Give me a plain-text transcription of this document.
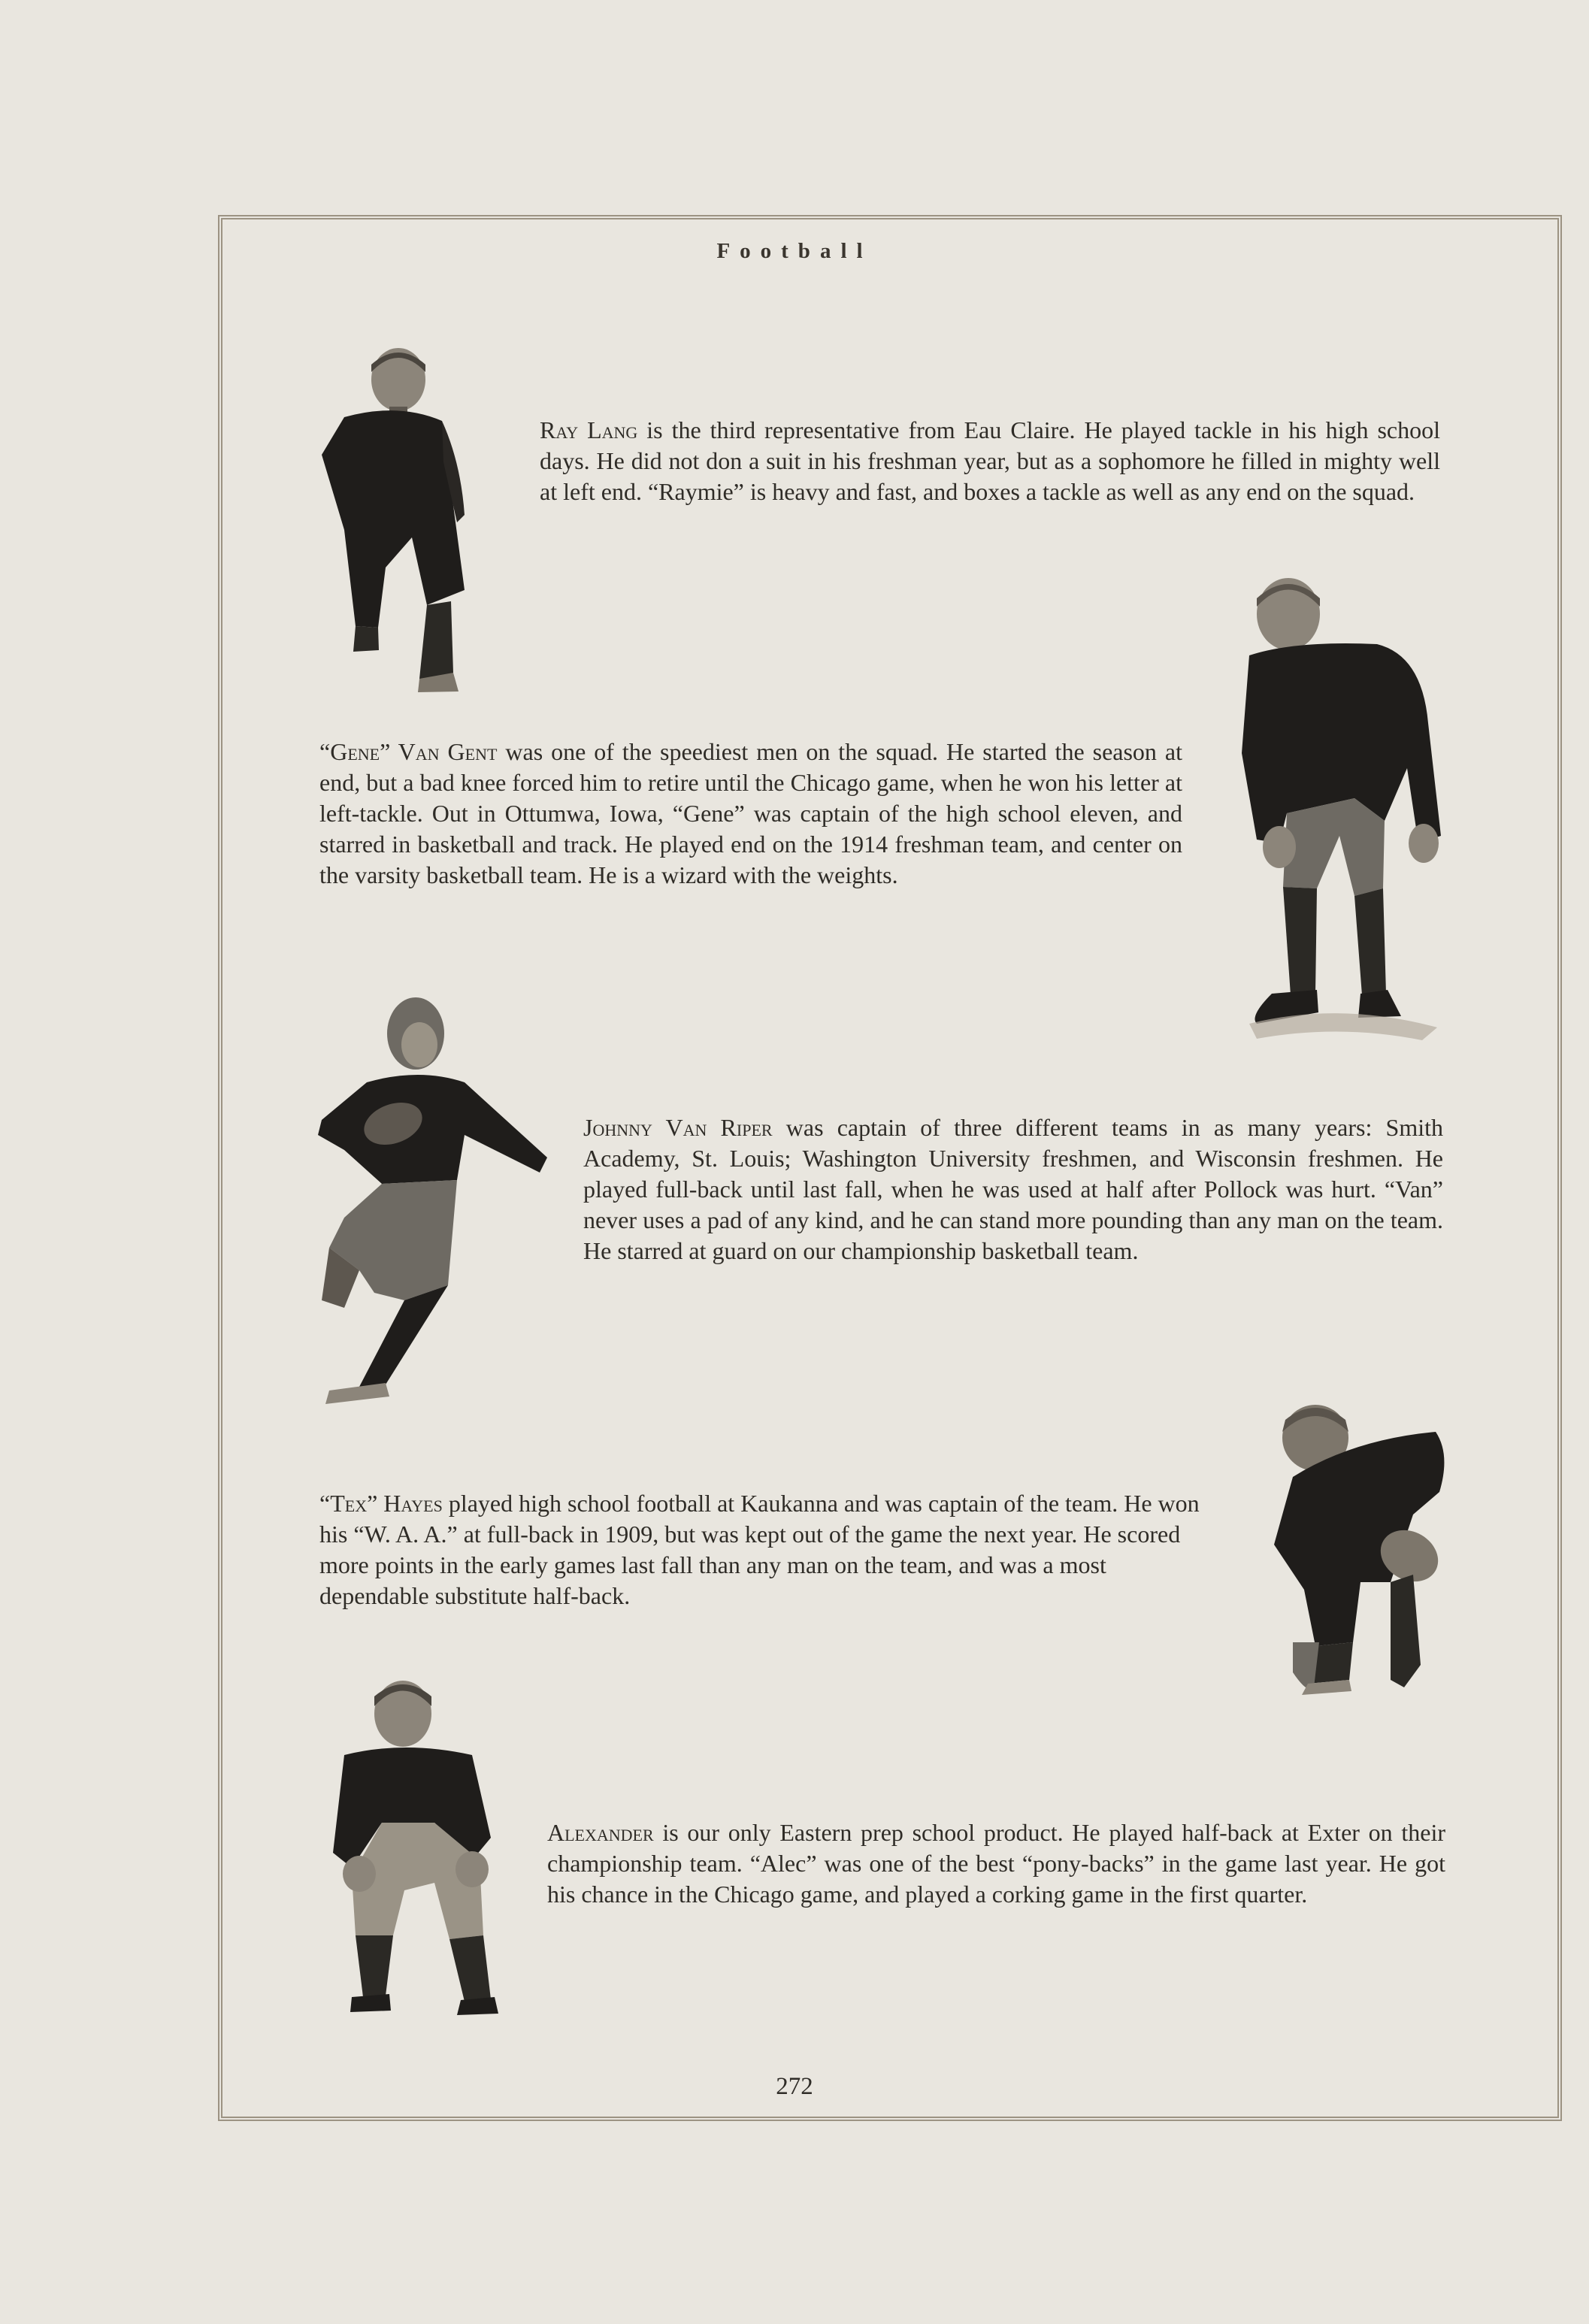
Football

Ray Lang is the third representative from Eau Claire. He played tackle in his high school days. He did not don a suit in his freshman year, but as a sophomore he filled in mighty well at left end. “Raymie” is heavy and fast, and boxes a tackle as well as any end on the squad.

“Gene” Van Gent was one of the speediest men on the squad. He started the season at end, but a bad knee forced him to retire until the Chicago game, when he won his letter at left-tackle. Out in Ottumwa, Iowa, “Gene” was captain of the high school eleven, and starred in basketball and track. He played end on the 1914 freshman team, and center on the varsity basketball team. He is a wizard with the weights.

Johnny Van Riper was captain of three different teams in as many years: Smith Academy, St. Louis; Washington University freshmen, and Wisconsin freshmen. He played full-back until last fall, when he was used at half after Pollock was hurt. “Van” never uses a pad of any kind, and he can stand more pounding than any man on the team. He starred at guard on our championship basketball team.

“Tex” Hayes played high school football at Kaukanna and was captain of the team. He won his “W. A. A.” at full-back in 1909, but was kept out of the game the next year. He scored more points in the early games last fall than any man on the team, and was a most dependable substitute half-back.

Alexander is our only Eastern prep school product. He played half-back at Exter on their championship team. “Alec” was one of the best “pony-backs” in the game last year. He got his chance in the Chicago game, and played a corking game in the first quarter.

272
